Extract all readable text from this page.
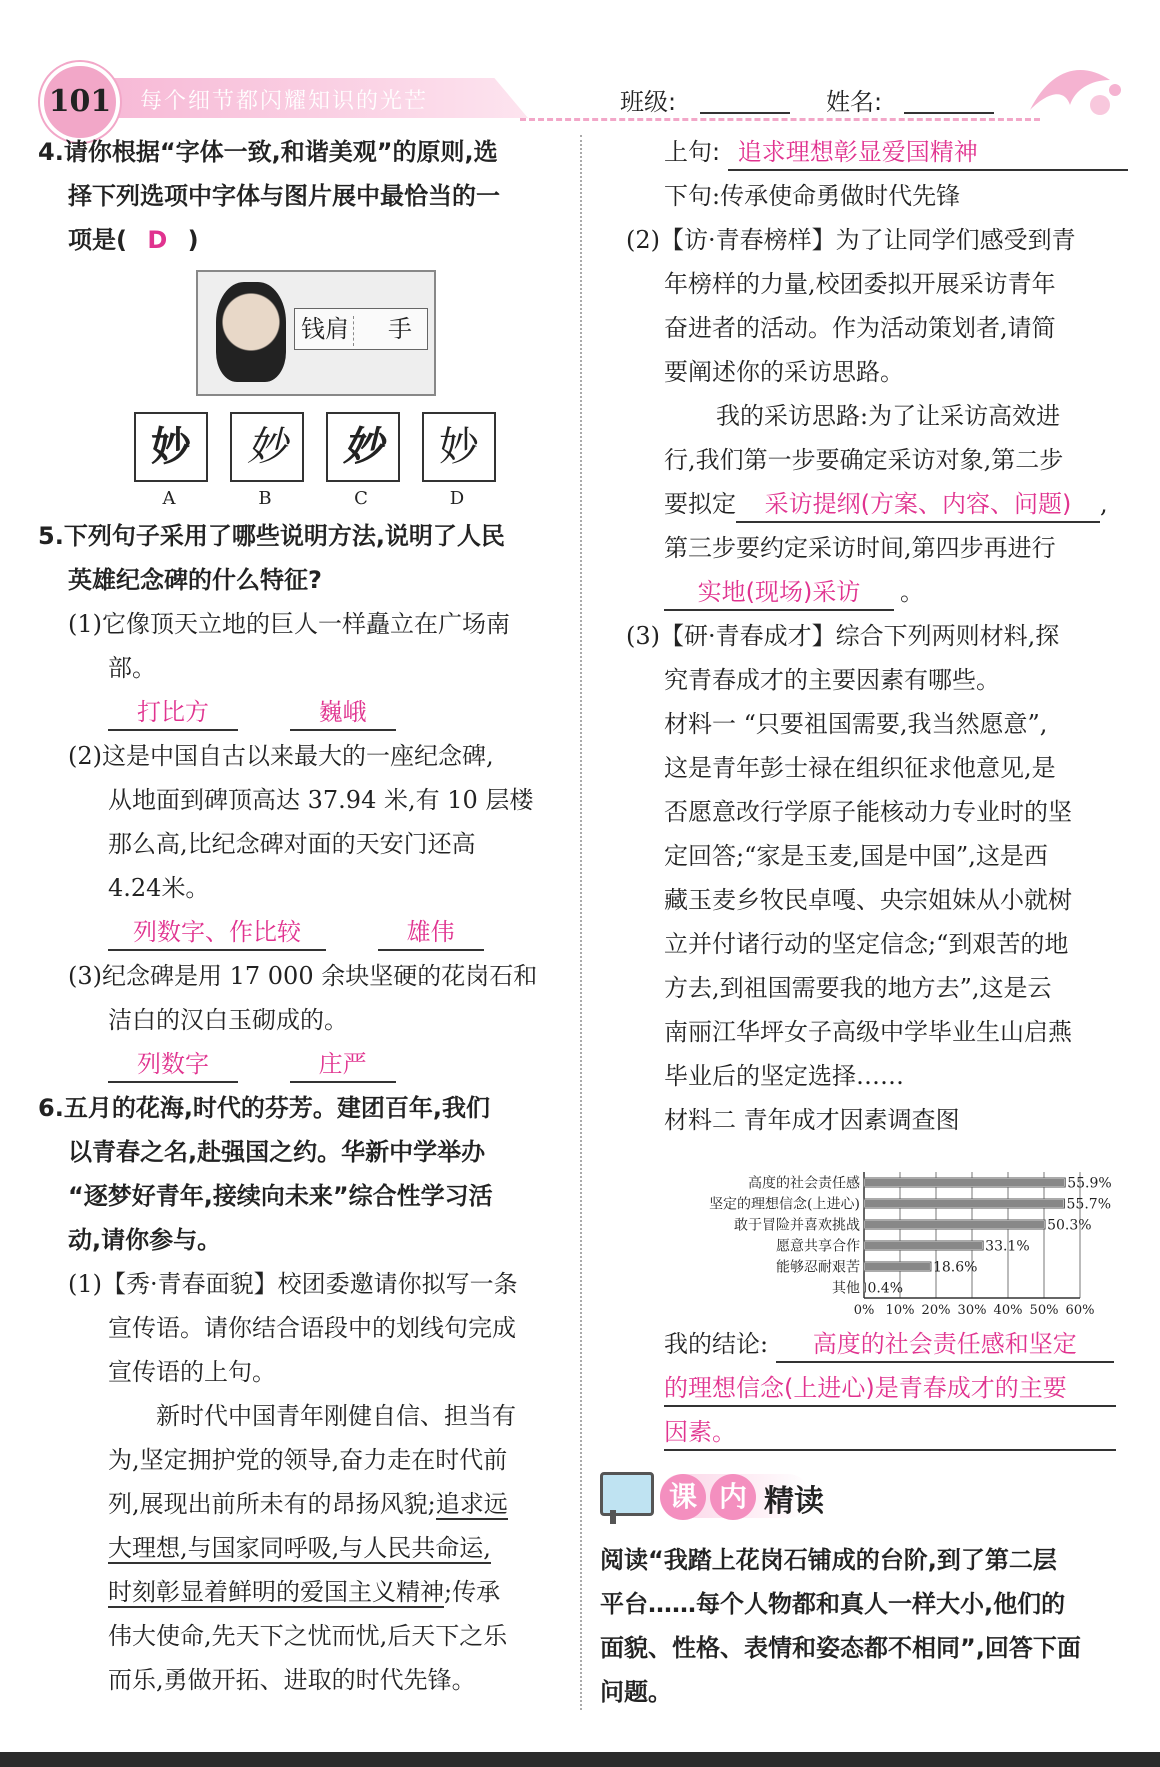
101	每个细节都闪耀知识的光芒	班级:	姓名:
4.请你根据“字体一致,和谐美观”的原则,选
择下列选项中字体与图片展中最恰当的一
项是( D )
钱肩 手
妙	妙	妙	妙
A	B	C	D
5.下列句子采用了哪些说明方法,说明了人民
英雄纪念碑的什么特征?
(1)它像顶天立地的巨人一样矗立在广场南
部。
打比方	巍峨
(2)这是中国自古以来最大的一座纪念碑,
从地面到碑顶高达 37.94 米,有 10 层楼
那么高,比纪念碑对面的天安门还高
4.24米。
列数字、作比较	雄伟
(3)纪念碑是用 17 000 余块坚硬的花岗石和
洁白的汉白玉砌成的。
列数字	庄严
6.五月的花海,时代的芬芳。建团百年,我们
以青春之名,赴强国之约。华新中学举办
“逐梦好青年,接续向未来”综合性学习活
动,请你参与。
(1)【秀·青春面貌】校团委邀请你拟写一条
宣传语。请你结合语段中的划线句完成
宣传语的上句。
新时代中国青年刚健自信、担当有
为,坚定拥护党的领导,奋力走在时代前
列,展现出前所未有的昂扬风貌;追求远
大理想,与国家同呼吸,与人民共命运,
时刻彰显着鲜明的爱国主义精神;传承
伟大使命,先天下之忧而忧,后天下之乐
而乐,勇做开拓、进取的时代先锋。
上句: 追求理想彰显爱国精神
下句:传承使命勇做时代先锋
(2)【访·青春榜样】为了让同学们感受到青
年榜样的力量,校团委拟开展采访青年
奋进者的活动。作为活动策划者,请简
要阐述你的采访思路。
我的采访思路:为了让采访高效进
行,我们第一步要确定采访对象,第二步
要拟定 采访提纲(方案、内容、问题) ,
第三步要约定采访时间,第四步再进行
实地(现场)采访 。
(3)【研·青春成才】综合下列两则材料,探
究青春成才的主要因素有哪些。
材料一 “只要祖国需要,我当然愿意”,
这是青年彭士禄在组织征求他意见,是
否愿意改行学原子能核动力专业时的坚
定回答;“家是玉麦,国是中国”,这是西
藏玉麦乡牧民卓嘎、央宗姐妹从小就树
立并付诸行动的坚定信念;“到艰苦的地
方去,到祖国需要我的地方去”,这是云
南丽江华坪女子高级中学毕业生山启燕
毕业后的坚定选择……
材料二 青年成才因素调查图
高度的社会责任感
坚定的理想信念(上进心)
敢于冒险并喜欢挑战
愿意共享合作
能够忍耐艰苦
其他
55.9%
55.7%
50.3%
33.1%
18.6%
0.4%
0% 10% 20% 30% 40% 50% 60%
我的结论: 高度的社会责任感和坚定
的理想信念(上进心)是青春成才的主要
因素。
课 内 精读
阅读“我踏上花岗石铺成的台阶,到了第二层
平台……每个人物都和真人一样大小,他们的
面貌、性格、表情和姿态都不相同”,回答下面
问题。
